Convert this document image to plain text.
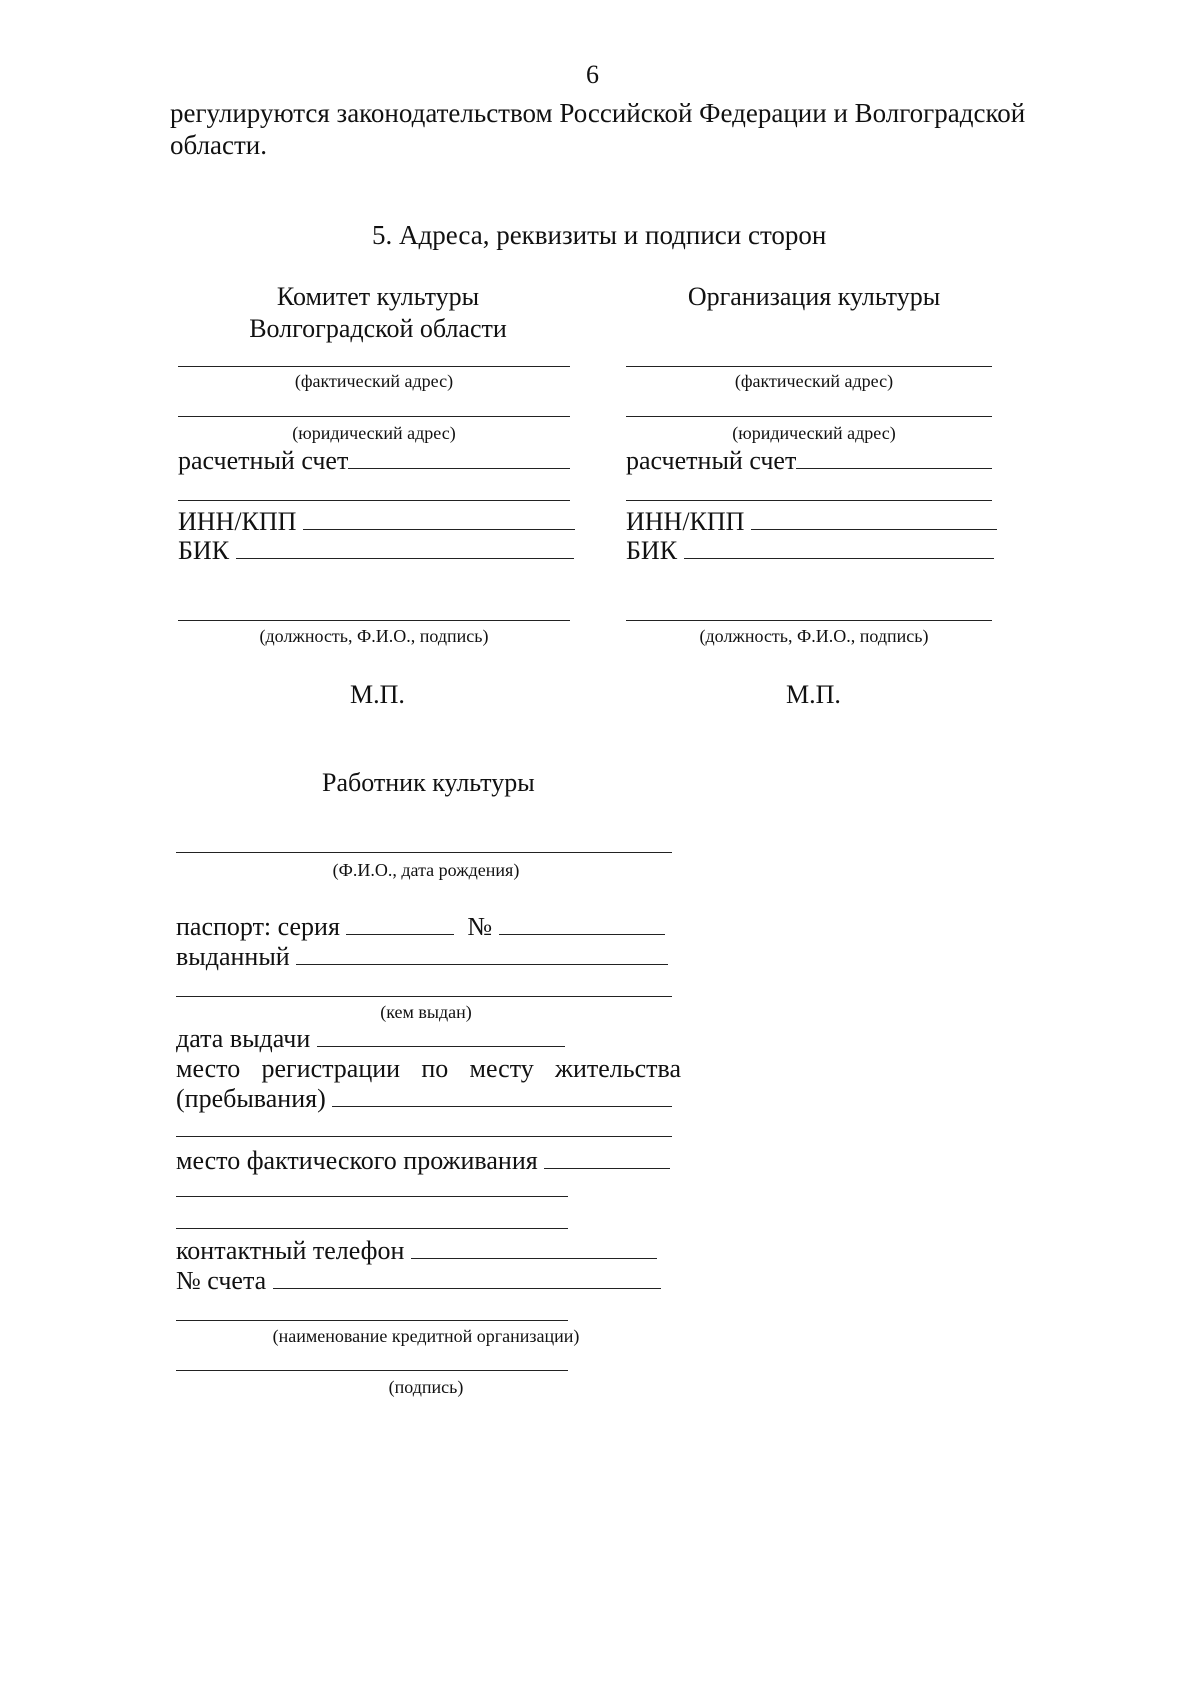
6
регулируются законодательством Российской Федерации и Волгоградской
области.
5. Адреса, реквизиты и подписи сторон
Комитет культуры
Волгоградской области
(фактический адрес)
(юридический адрес)
расчетный счет
ИНН/КПП
БИК
(должность, Ф.И.О., подпись)
М.П.
Организация культуры
(фактический адрес)
(юридический адрес)
расчетный счет
ИНН/КПП
БИК
(должность, Ф.И.О., подпись)
М.П.
Работник культуры
(Ф.И.О., дата рождения)
паспорт: серия	№
выданный
(кем выдан)
дата выдачи
место регистрации по месту жительства
(пребывания)
место фактического проживания
контактный телефон
№ счета
(наименование кредитной организации)
(подпись)
